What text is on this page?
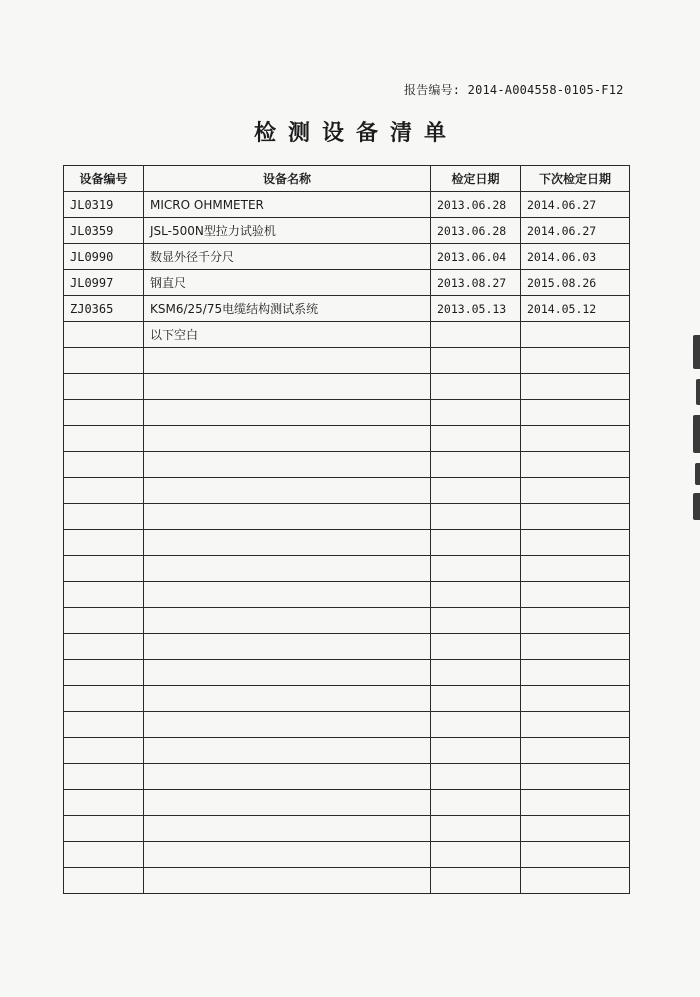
报告编号: 2014-A004558-0105-F12
检测设备清单
设备编号	设备名称	检定日期	下次检定日期
JL0319	MICRO OHMMETER	2013.06.28	2014.06.27
JL0359	JSL-500N型拉力试验机	2013.06.28	2014.06.27
JL0990	数显外径千分尺	2013.06.04	2014.06.03
JL0997	钢直尺	2013.08.27	2015.08.26
ZJ0365	KSM6/25/75电缆结构测试系统	2013.05.13	2014.05.12
	以下空白		
